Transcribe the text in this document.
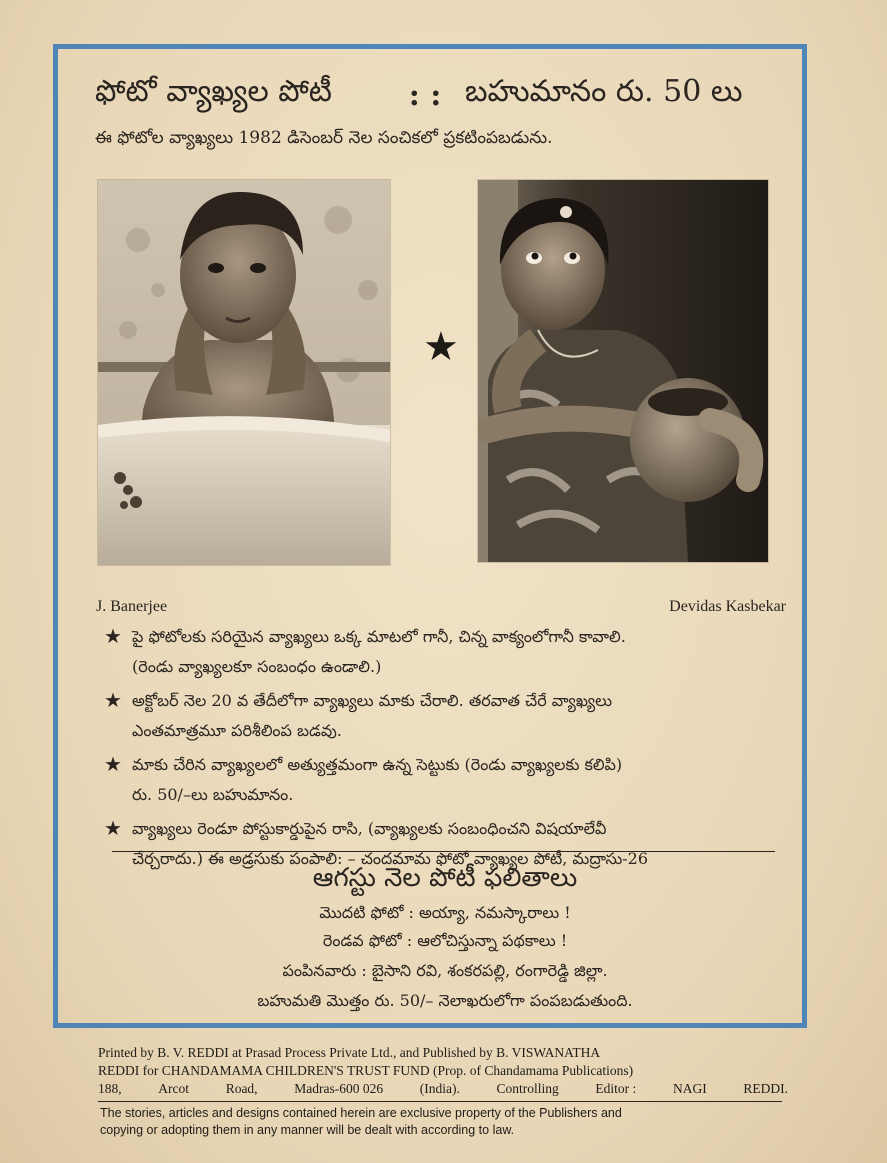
ఫోటో వ్యాఖ్యల పోటీ	: : బహుమానం రు. 50 లు
ఈ ఫోటోల వ్యాఖ్యలు 1982 డిసెంబర్ నెల సంచికలో ప్రకటింపబడును.
★
J. Banerjee	Devidas Kasbekar
★ పై ఫోటోలకు సరియైన వ్యాఖ్యలు ఒక్క మాటలో గానీ, చిన్న వాక్యంలోగానీ కావాలి.
(రెండు వ్యాఖ్యలకూ సంబంధం ఉండాలి.)
★ అక్టోబర్ నెల 20 వ తేదీలోగా వ్యాఖ్యలు మాకు చేరాలి. తరవాత చేరే వ్యాఖ్యలు
ఎంతమాత్రమూ పరిశీలింప బడవు.
★ మాకు చేరిన వ్యాఖ్యలలో అత్యుత్తమంగా ఉన్న సెట్టుకు (రెండు వ్యాఖ్యలకు కలిపి)
రు. 50/–లు బహుమానం.
★ వ్యాఖ్యలు రెండూ పోస్టుకార్డుపైన రాసి, (వ్యాఖ్యలకు సంబంధించని విషయాలేవీ
చేర్చరాదు.) ఈ అడ్రసుకు పంపాలి: – చందమామ ఫోటో వ్యాఖ్యల పోటీ, మద్రాసు-26
ఆగస్టు నెల పోటీ ఫలితాలు
మొదటి ఫోటో : అయ్యా, నమస్కారాలు !
రెండవ ఫోటో : ఆలోచిస్తున్నా పథకాలు !
పంపినవారు : బైసాని రవి, శంకరపల్లి, రంగారెడ్డి జిల్లా.
బహుమతి మొత్తం రు. 50/– నెలాఖరులోగా పంపబడుతుంది.
Printed by B. V. REDDI at Prasad Process Private Ltd., and Published by B. VISWANATHA
REDDI for CHANDAMAMA CHILDREN'S TRUST FUND (Prop. of Chandamama Publications)
188,	Arcot	Road,	Madras-600 026	(India).	Controlling	Editor :	NAGI	REDDI.
The stories, articles and designs contained herein are exclusive property of the Publishers and
copying or adopting them in any manner will be dealt with according to law.
